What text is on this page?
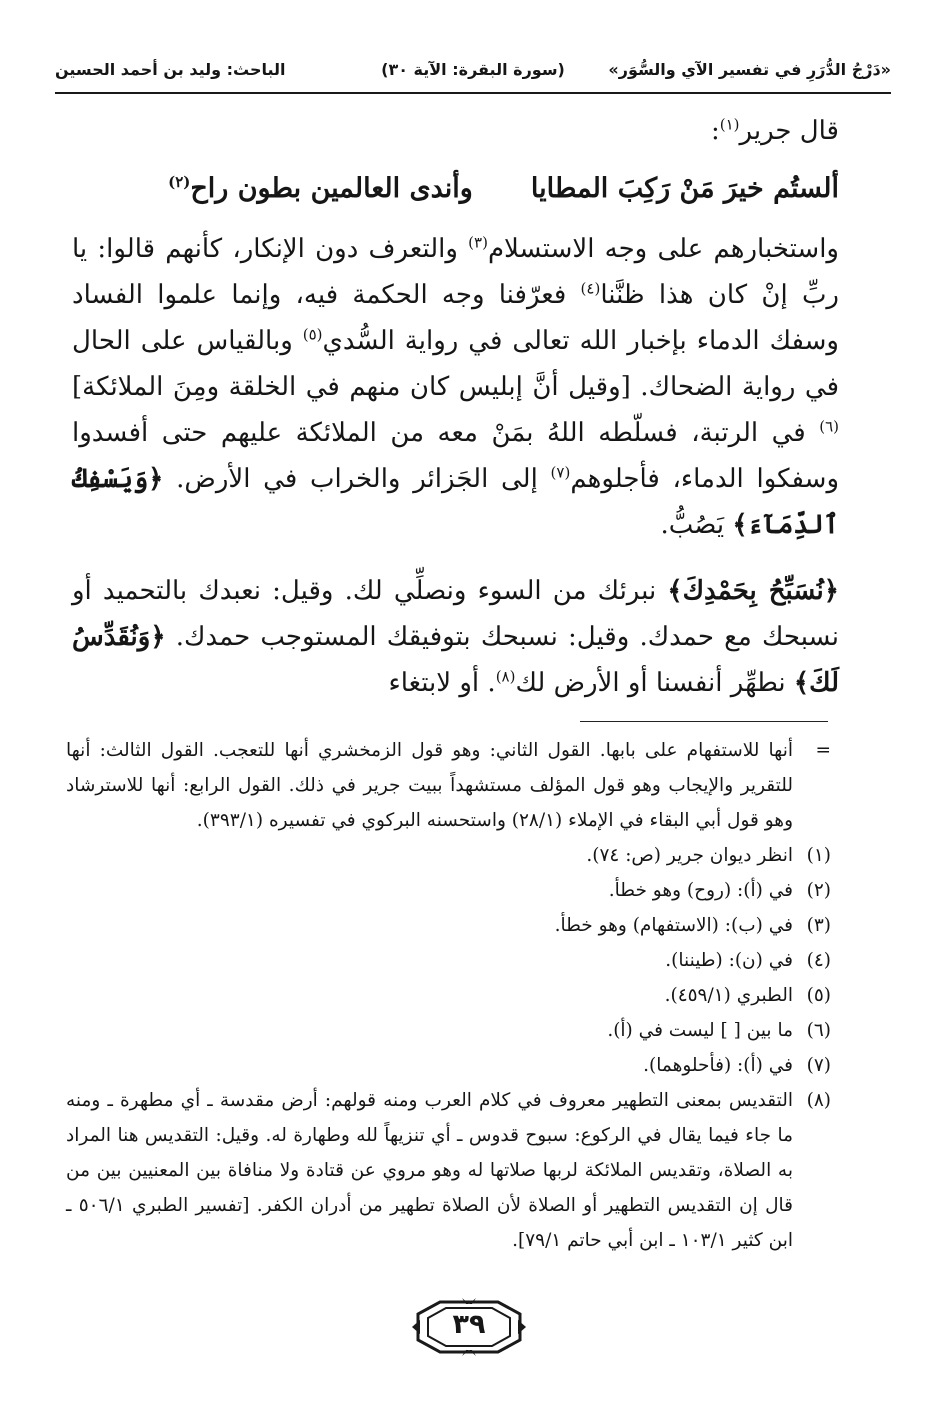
«دَرْجُ الدُّرَرِ في تفسير الآي والسُّوَر»
(سورة البقرة: الآية ٣٠)
الباحث: وليد بن أحمد الحسين

قال جرير$^{(١)}$:

ألستُم خيرَ مَنْ رَكِبَ المطايا
وأندى العالمين بطون راح$^{(٢)}$

واستخبارهم على وجه الاستسلام$^{(٣)}$ والتعرف دون الإنكار، كأنهم قالوا: يا ربِّ إنْ كان هذا ظنَّنا$^{(٤)}$ فعرّفنا وجه الحكمة فيه، وإنما علموا الفساد وسفك الدماء بإخبار الله تعالى في رواية السُّدي$^{(٥)}$ وبالقياس على الحال في رواية الضحاك. [وقيل أنَّ إبليس كان منهم في الخلقة ومِنَ الملائكة]$^{(٦)}$ في الرتبة، فسلّطه اللهُ بمَنْ معه من الملائكة عليهم حتى أفسدوا وسفكوا الدماء، فأجلوهم$^{(٧)}$ إلى الجَزائر والخراب في الأرض. ﴿وَيَسْفِكُ ٱلدِّمَآءَ﴾ يَصُبُّ.

﴿نُسَبِّحُ بِحَمْدِكَ﴾ نبرئك من السوء ونصلِّي لك. وقيل: نعبدك بالتحميد أو نسبحك مع حمدك. وقيل: نسبحك بتوفيقك المستوجب حمدك. ﴿وَنُقَدِّسُ لَكَ﴾ نطهِّر أنفسنا أو الأرض لك$^{(٨)}$. أو لابتغاء

=
أنها للاستفهام على بابها. القول الثاني: وهو قول الزمخشري أنها للتعجب. القول الثالث: أنها للتقرير والإيجاب وهو قول المؤلف مستشهداً ببيت جرير في ذلك. القول الرابع: أنها للاسترشاد وهو قول أبي البقاء في الإملاء (٢٨/١) واستحسنه البركوي في تفسيره (٣٩٣/١).
(١)
انظر ديوان جرير (ص: ٧٤).
(٢)
في (أ): (روح) وهو خطأ.
(٣)
في (ب): (الاستفهام) وهو خطأ.
(٤)
في (ن): (طيننا).
(٥)
الطبري (٤٥٩/١).
(٦)
ما بين [ ] ليست في (أ).
(٧)
في (أ): (فأحلوهما).
(٨)
التقديس بمعنى التطهير معروف في كلام العرب ومنه قولهم: أرض مقدسة ـ أي مطهرة ـ ومنه ما جاء فيما يقال في الركوع: سبوح قدوس ـ أي تنزيهاً لله وطهارة له. وقيل: التقديس هنا المراد به الصلاة، وتقديس الملائكة لربها صلاتها له وهو مروي عن قتادة ولا منافاة بين المعنيين بين من قال إن التقديس التطهير أو الصلاة لأن الصلاة تطهير من أدران الكفر. [تفسير الطبري ٥٠٦/١ ـ ابن كثير ١٠٣/١ ـ ابن أبي حاتم ٧٩/١].
٣٩
